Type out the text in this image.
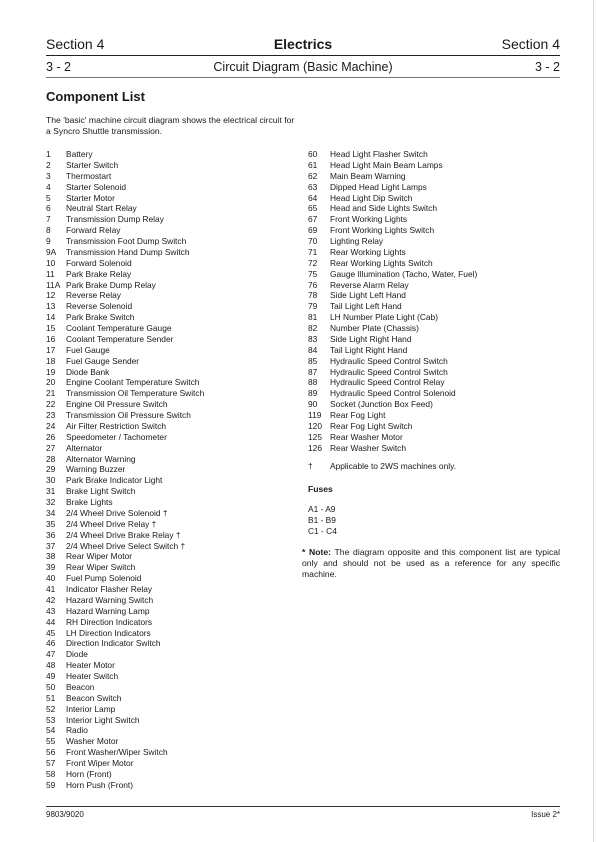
Section 4	Electrics	Section 4
3 - 2	Circuit Diagram (Basic Machine)	3 - 2
Component List
The 'basic' machine circuit diagram shows the electrical circuit for a Syncro Shuttle transmission.
1	Battery
2	Starter Switch
3	Thermostart
4	Starter Solenoid
5	Starter Motor
6	Neutral Start Relay
7	Transmission Dump Relay
8	Forward Relay
9	Transmission Foot Dump Switch
9A	Transmission Hand Dump Switch
10	Forward Solenoid
11	Park Brake Relay
11A Park Brake Dump Relay
12	Reverse Relay
13	Reverse Solenoid
14	Park Brake Switch
15	Coolant Temperature Gauge
16	Coolant Temperature Sender
17	Fuel Gauge
18	Fuel Gauge Sender
19	Diode Bank
20	Engine Coolant Temperature Switch
21	Transmission Oil Temperature Switch
22	Engine Oil Pressure Switch
23	Transmission Oil Pressure Switch
24	Air Filter Restriction Switch
26	Speedometer / Tachometer
27	Alternator
28	Alternator Warning
29	Warning Buzzer
30	Park Brake Indicator Light
31	Brake Light Switch
32	Brake Lights
34	2/4 Wheel Drive Solenoid †
35	2/4 Wheel Drive Relay †
36	2/4 Wheel Drive Brake Relay †
37	2/4 Wheel Drive Select Switch †
38	Rear Wiper Motor
39	Rear Wiper Switch
40	Fuel Pump Solenoid
41	Indicator Flasher Relay
42	Hazard Warning Switch
43	Hazard Warning Lamp
44	RH Direction Indicators
45	LH Direction Indicators
46	Direction Indicator Switch
47	Diode
48	Heater Motor
49	Heater Switch
50	Beacon
51	Beacon Switch
52	Interior Lamp
53	Interior Light Switch
54	Radio
55	Washer Motor
56	Front Washer/Wiper Switch
57	Front Wiper Motor
58	Horn (Front)
59	Horn Push (Front)
60	Head Light Flasher Switch
61	Head Light Main Beam Lamps
62	Main Beam Warning
63	Dipped Head Light Lamps
64	Head Light Dip Switch
65	Head and Side Lights Switch
67	Front Working Lights
69	Front Working Lights Switch
70	Lighting Relay
71	Rear Working Lights
72	Rear Working Lights Switch
75	Gauge Illumination (Tacho, Water, Fuel)
76	Reverse Alarm Relay
78	Side Light Left Hand
79	Tail Light Left Hand
81	LH Number Plate Light (Cab)
82	Number Plate (Chassis)
83	Side Light Right Hand
84	Tail Light Right Hand
85	Hydraulic Speed Control Switch
87	Hydraulic Speed Control Switch
88	Hydraulic Speed Control Relay
89	Hydraulic Speed Control Solenoid
90	Socket (Junction Box Feed)
119	Rear Fog Light
120 Rear Fog Light Switch
125 Rear Washer Motor
126 Rear Washer Switch
†	Applicable to 2WS machines only.
Fuses
A1 - A9
B1 - B9
C1 - C4
* Note: The diagram opposite and this component list are typical only and should not be used as a reference for any specific machine.
9803/9020	Issue 2*
